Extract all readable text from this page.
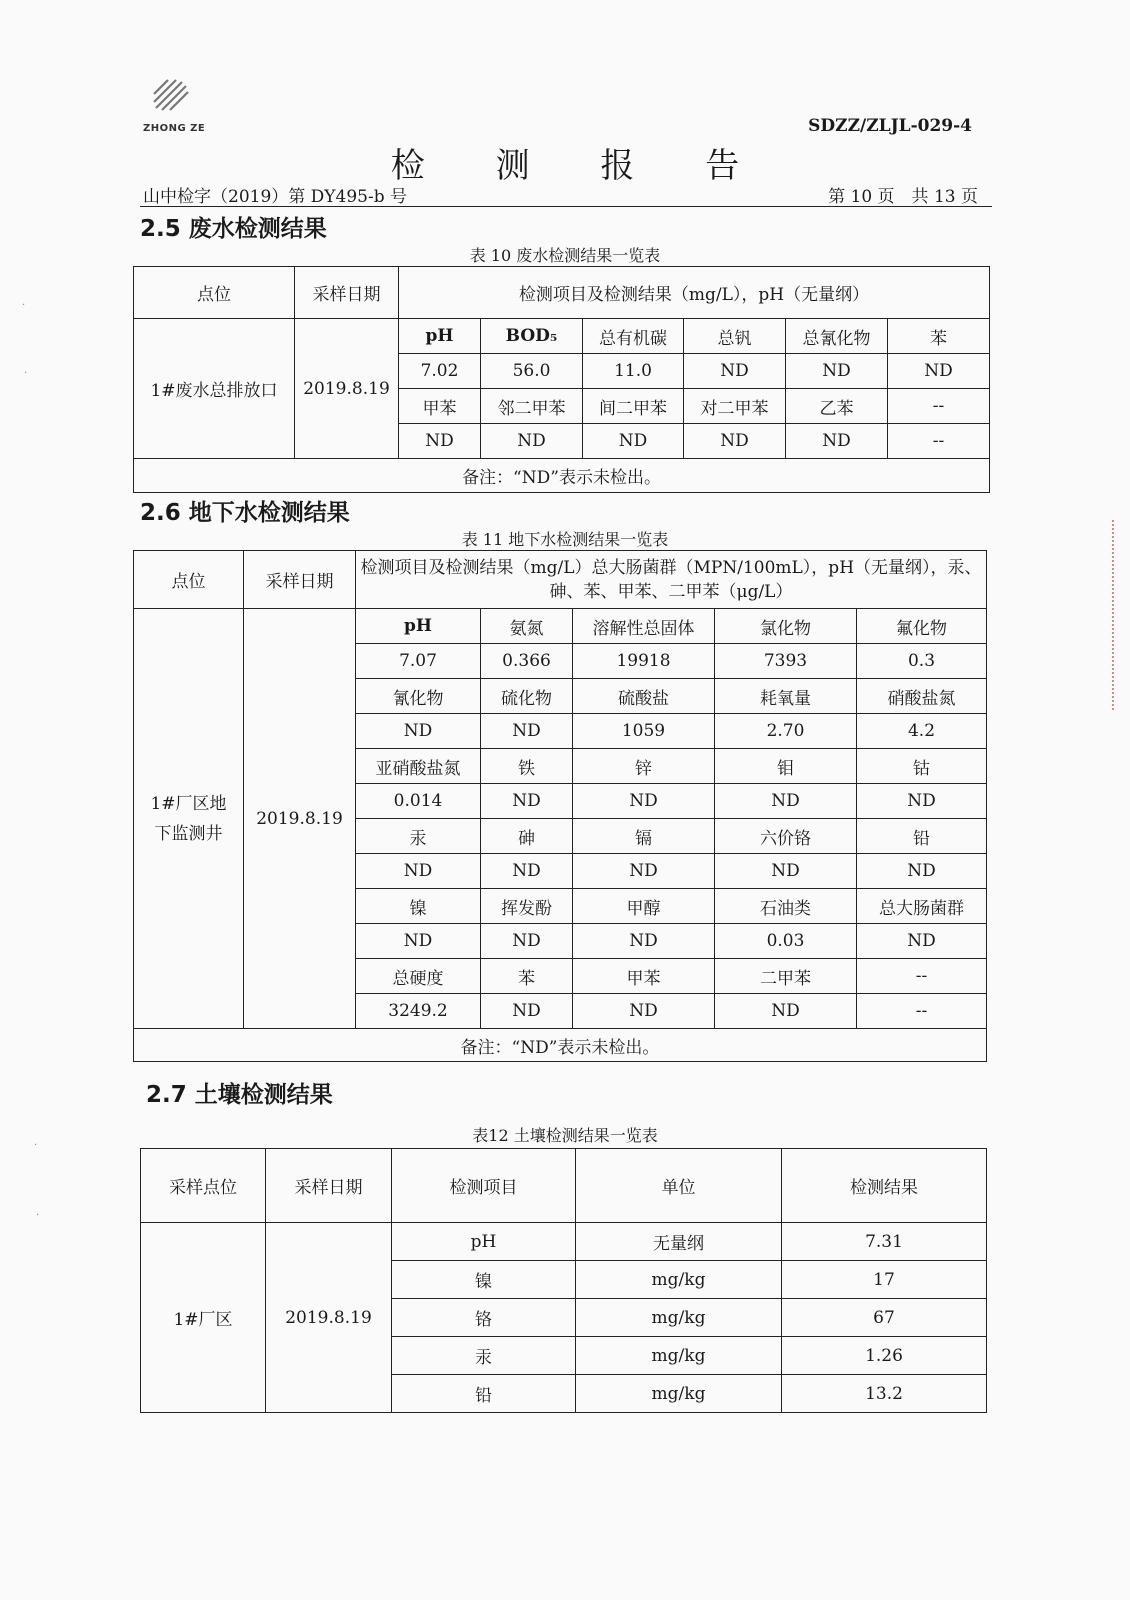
ZHONG ZE	SDZZ/ZLJL-029-4
检 测 报 告
山中检字（2019）第 DY495-b 号	第 10 页　共 13 页
2.5 废水检测结果
表 10 废水检测结果一览表
点位	采样日期	检测项目及检测结果（mg/L），pH（无量纲）					
1#废水总排放口	2019.8.19	pH	BOD₅	总有机碳	总钒	总氰化物	苯
		7.02	56.0	11.0	ND	ND	ND
		甲苯	邻二甲苯	间二甲苯	对二甲苯	乙苯	--
		ND	ND	ND	ND	ND	--
备注：“ND”表示未检出。							
2.6 地下水检测结果
表 11 地下水检测结果一览表
点位	采样日期	检测项目及检测结果（mg/L）总大肠菌群（MPN/100mL），pH（无量纲），汞、砷、苯、甲苯、二甲苯（μg/L）				
1#厂区地下监测井	2019.8.19	pH	氨氮	溶解性总固体	氯化物	氟化物
		7.07	0.366	19918	7393	0.3
		氰化物	硫化物	硫酸盐	耗氧量	硝酸盐氮
		ND	ND	1059	2.70	4.2
		亚硝酸盐氮	铁	锌	钼	钴
		0.014	ND	ND	ND	ND
		汞	砷	镉	六价铬	铅
		ND	ND	ND	ND	ND
		镍	挥发酚	甲醇	石油类	总大肠菌群
		ND	ND	ND	0.03	ND
		总硬度	苯	甲苯	二甲苯	--
		3249.2	ND	ND	ND	--
备注：“ND”表示未检出。						
2.7 土壤检测结果
表12 土壤检测结果一览表
采样点位	采样日期	检测项目	单位	检测结果
1#厂区	2019.8.19	pH	无量纲	7.31
		镍	mg/kg	17
		铬	mg/kg	67
		汞	mg/kg	1.26
		铅	mg/kg	13.2
·
·
·
·
